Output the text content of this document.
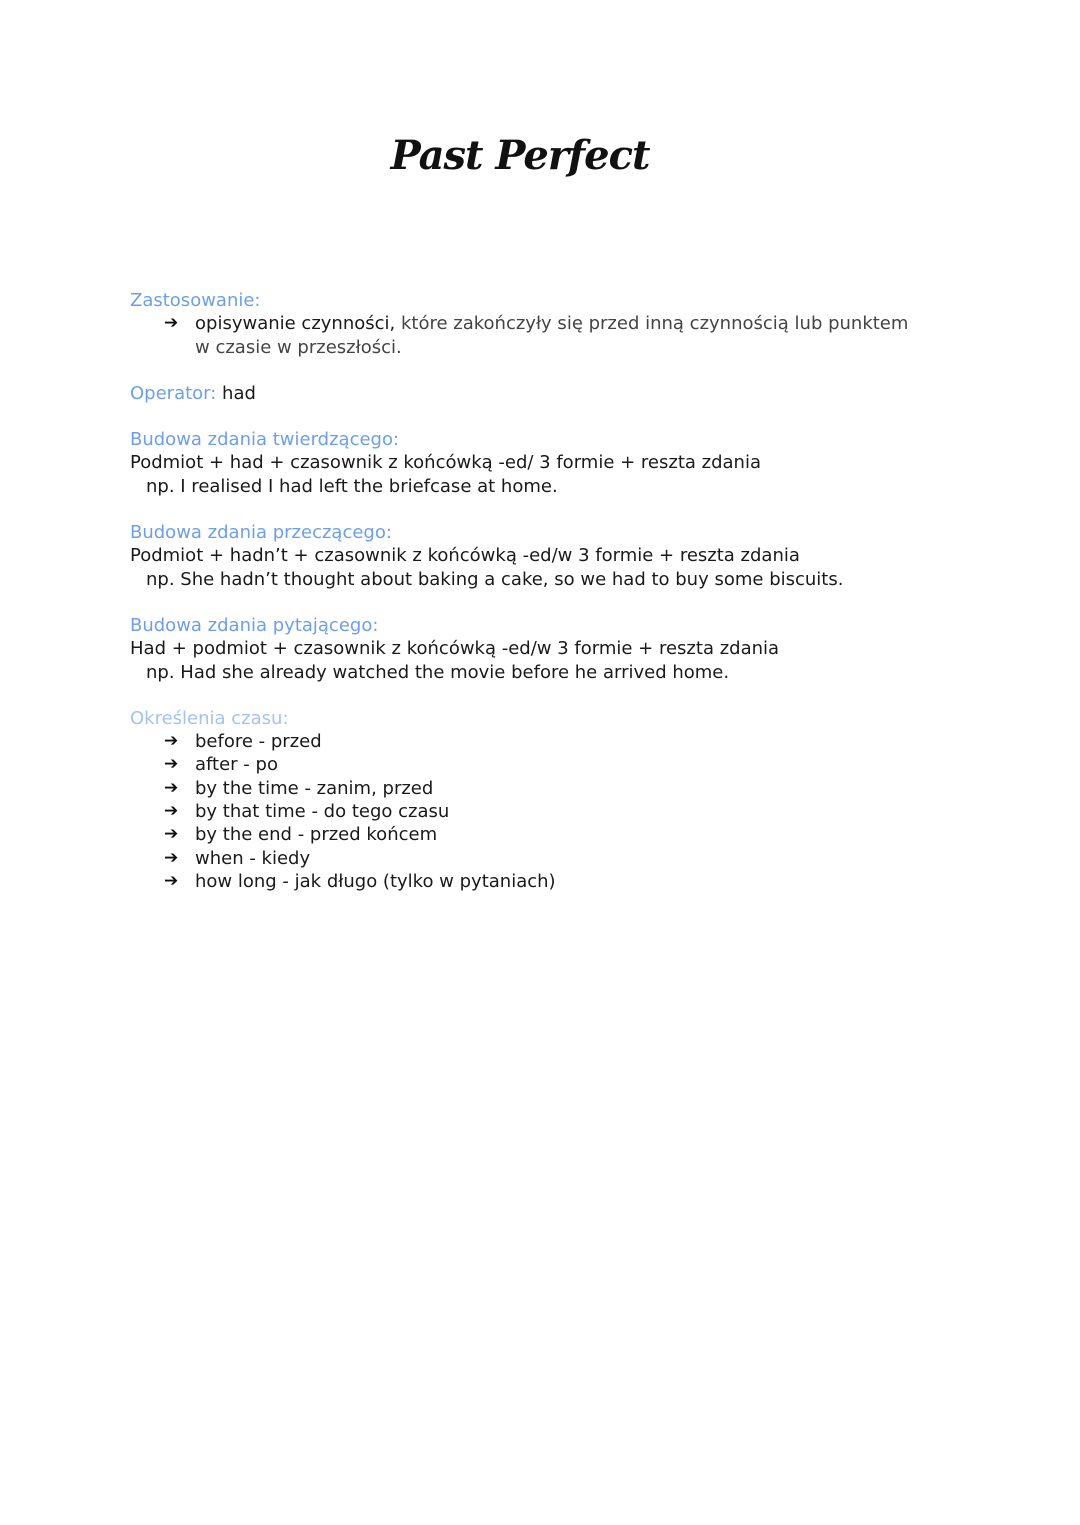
Past Perfect
Zastosowanie:
➔ opisywanie czynności, które zakończyły się przed inną czynnością lub punktem
w czasie w przeszłości.
Operator: had
Budowa zdania twierdzącego:
Podmiot + had + czasownik z końcówką -ed/ 3 formie + reszta zdania
np. I realised I had left the briefcase at home.
Budowa zdania przeczącego:
Podmiot + hadn’t + czasownik z końcówką -ed/w 3 formie + reszta zdania
np. She hadn’t thought about baking a cake, so we had to buy some biscuits.
Budowa zdania pytającego:
Had + podmiot + czasownik z końcówką -ed/w 3 formie + reszta zdania
np. Had she already watched the movie before he arrived home.
Określenia czasu:
➔ before - przed
➔ after - po
➔ by the time - zanim, przed
➔ by that time - do tego czasu
➔ by the end - przed końcem
➔ when - kiedy
➔ how long - jak długo (tylko w pytaniach)
